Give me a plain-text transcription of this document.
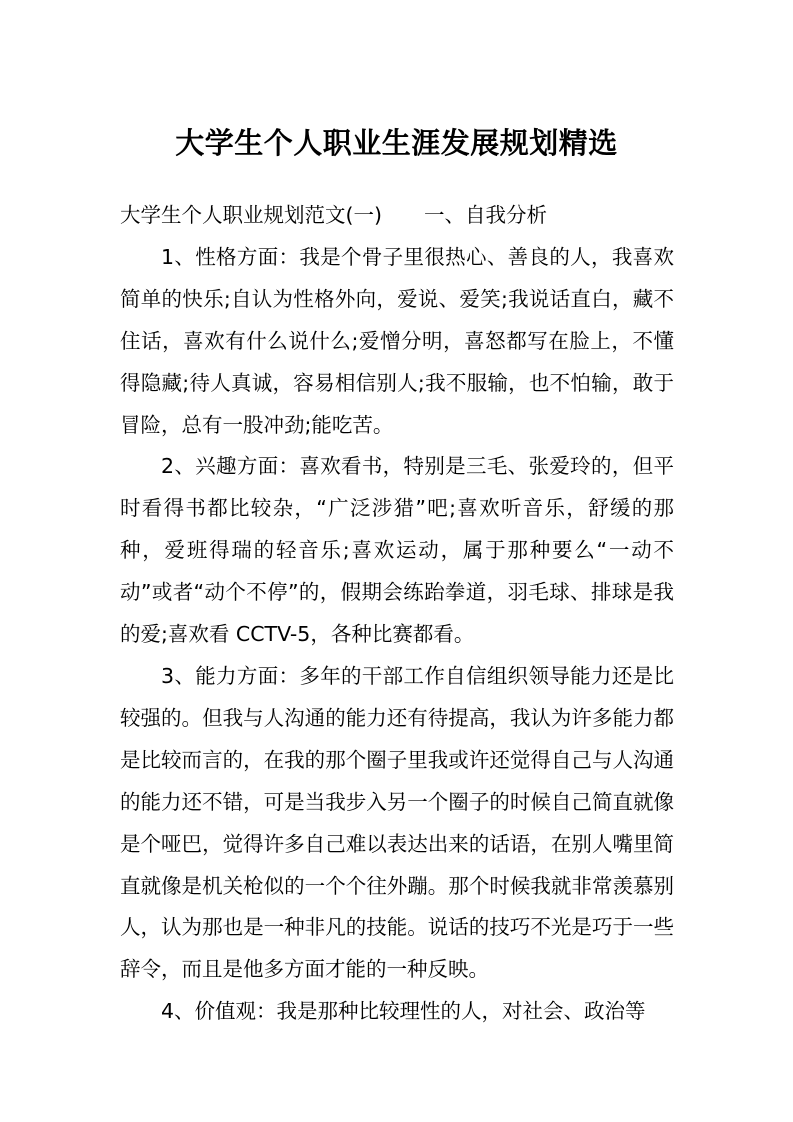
大学生个人职业生涯发展规划精选

大学生个人职业规划范文(一) 一、自我分析

1、性格方面：我是个骨子里很热心、善良的人，我喜欢简单的快乐;自认为性格外向，爱说、爱笑;我说话直白，藏不住话，喜欢有什么说什么;爱憎分明，喜怒都写在脸上，不懂得隐藏;待人真诚，容易相信别人;我不服输，也不怕输，敢于冒险，总有一股冲劲;能吃苦。

2、兴趣方面：喜欢看书，特别是三毛、张爱玲的，但平时看得书都比较杂，“广泛涉猎”吧;喜欢听音乐，舒缓的那种，爱班得瑞的轻音乐;喜欢运动，属于那种要么“一动不动”或者“动个不停”的，假期会练跆拳道，羽毛球、排球是我的爱;喜欢看 CCTV-5，各种比赛都看。

3、能力方面：多年的干部工作自信组织领导能力还是比较强的。但我与人沟通的能力还有待提高，我认为许多能力都是比较而言的，在我的那个圈子里我或许还觉得自己与人沟通的能力还不错，可是当我步入另一个圈子的时候自己简直就像是个哑巴，觉得许多自己难以表达出来的话语，在别人嘴里简直就像是机关枪似的一个个往外蹦。那个时候我就非常羡慕别人，认为那也是一种非凡的技能。说话的技巧不光是巧于一些辞令，而且是他多方面才能的一种反映。

4、价值观：我是那种比较理性的人，对社会、政治等
